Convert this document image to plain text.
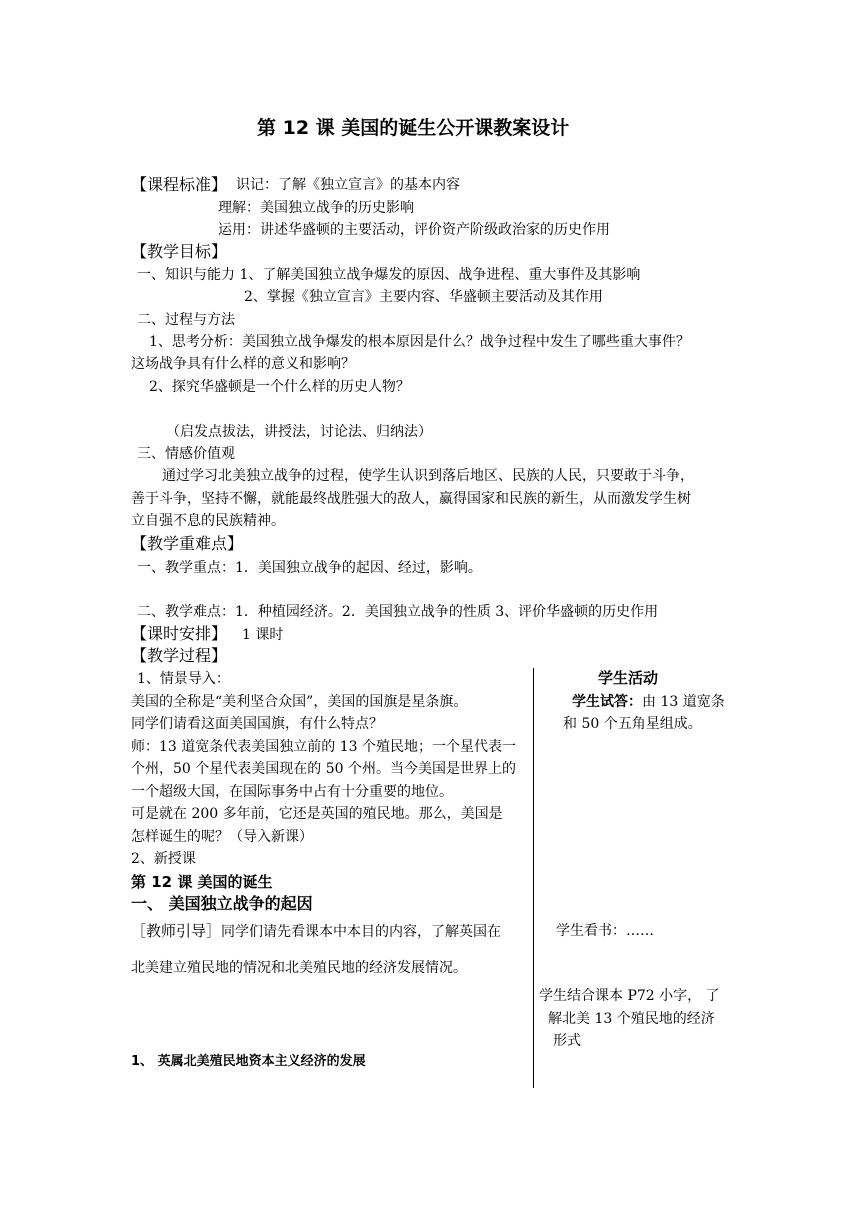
第 12 课 美国的诞生公开课教案设计
【课程标准】 识记：了解《独立宣言》的基本内容
理解：美国独立战争的历史影响
运用：讲述华盛顿的主要活动，评价资产阶级政治家的历史作用
【教学目标】
一、知识与能力 1、了解美国独立战争爆发的原因、战争进程、重大事件及其影响
2、掌握《独立宣言》主要内容、华盛顿主要活动及其作用
二、过程与方法
1、思考分析：美国独立战争爆发的根本原因是什么？战争过程中发生了哪些重大事件？
这场战争具有什么样的意义和影响？
2、探究华盛顿是一个什么样的历史人物？
（启发点拔法，讲授法，讨论法、归纳法）
三、情感价值观
通过学习北美独立战争的过程，使学生认识到落后地区、民族的人民，只要敢于斗争，
善于斗争，坚持不懈，就能最终战胜强大的敌人，赢得国家和民族的新生，从而激发学生树
立自强不息的民族精神。
【教学重难点】
一、教学重点：1．美国独立战争的起因、经过，影响。
二、教学难点：1．种植园经济。2．美国独立战争的性质 3、评价华盛顿的历史作用
【课时安排】 1 课时
【教学过程】
1、情景导入：
美国的全称是“美利坚合众国”，美国的国旗是星条旗。
同学们请看这面美国国旗，有什么特点？
师：13 道宽条代表美国独立前的 13 个殖民地；一个星代表一
个州，50 个星代表美国现在的 50 个州。当今美国是世界上的
一个超级大国，在国际事务中占有十分重要的地位。
可是就在 200 多年前，它还是英国的殖民地。那么，美国是
怎样诞生的呢？（导入新课）
2、新授课
第 12 课 美国的诞生
一、 美国独立战争的起因
［教师引导］同学们请先看课本中本目的内容，了解英国在
北美建立殖民地的情况和北美殖民地的经济发展情况。
1、 英属北美殖民地资本主义经济的发展
学生活动
学生试答：由 13 道宽条
和 50 个五角星组成。
学生看书：……
学生结合课本 P72 小字， 了
解北美 13 个殖民地的经济
形式
